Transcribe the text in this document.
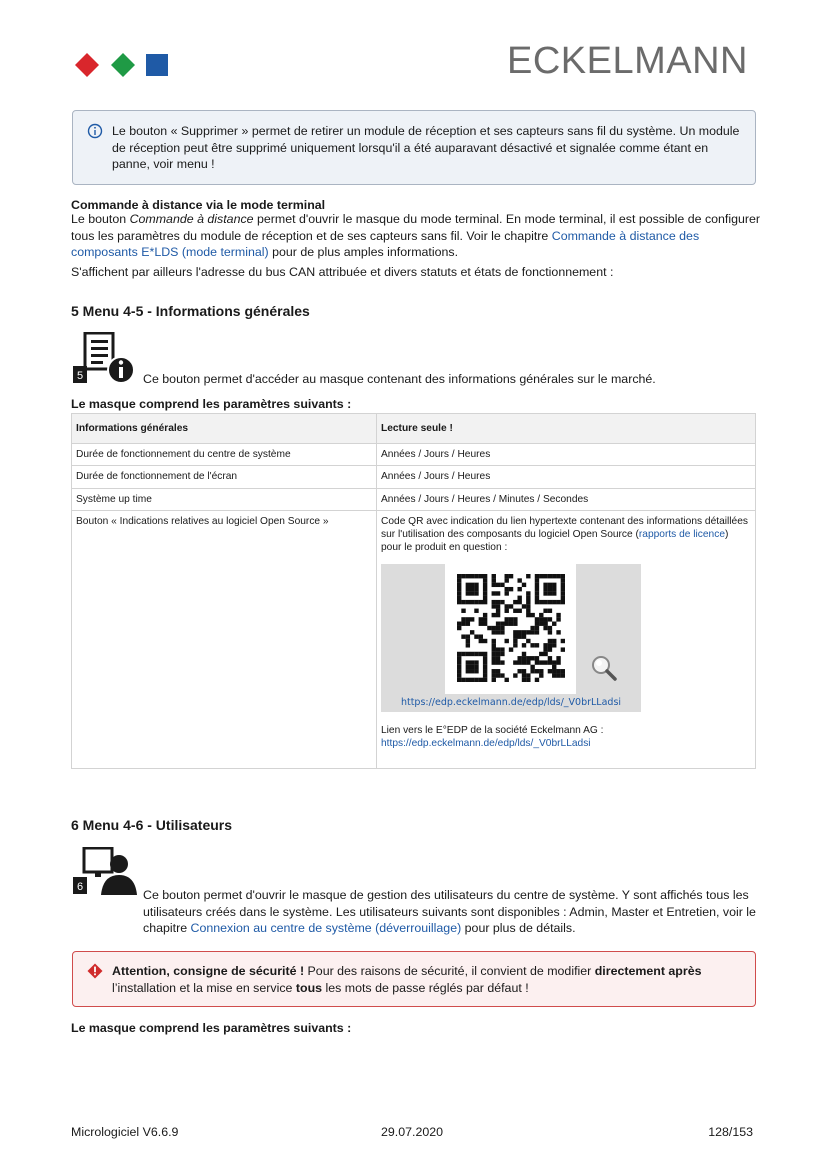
ECKELMANN
Le bouton « Supprimer » permet de retirer un module de réception et ses capteurs sans fil du système. Un module de réception peut être supprimé uniquement lorsqu'il a été auparavant désactivé et signalée comme étant en panne, voir menu !
Commande à distance via le mode terminal
Le bouton Commande à distance permet d'ouvrir le masque du mode terminal. En mode terminal, il est possible de configurer tous les paramètres du module de réception et de ses capteurs sans fil. Voir le chapitre Commande à distance des composants E*LDS (mode terminal) pour de plus amples informations.
S'affichent par ailleurs l'adresse du bus CAN attribuée et divers statuts et états de fonctionnement :
5 Menu 4-5 - Informations générales
5	Ce bouton permet d'accéder au masque contenant des informations générales sur le marché.
Le masque comprend les paramètres suivants :
Informations générales	Lecture seule !
Durée de fonctionnement du centre de système	Années / Jours / Heures
Durée de fonctionnement de l'écran	Années / Jours / Heures
Système up time	Années / Jours / Heures / Minutes / Secondes
Bouton « Indications relatives au logiciel Open Source »	Code QR avec indication du lien hypertexte contenant des informations détaillées sur l'utilisation des composants du logiciel Open Source (rapports de licence) pour le produit en question :
https://edp.eckelmann.de/edp/lds/_V0brLLadsi
Lien vers le E°EDP de la société Eckelmann AG : https://edp.eckelmann.de/edp/lds/_V0brLLadsi
6 Menu 4-6 - Utilisateurs
6
Ce bouton permet d'ouvrir le masque de gestion des utilisateurs du centre de système. Y sont affichés tous les utilisateurs créés dans le système. Les utilisateurs suivants sont disponibles : Admin, Master et Entretien, voir le chapitre Connexion au centre de système (déverrouillage) pour plus de détails.
Attention, consigne de sécurité ! Pour des raisons de sécurité, il convient de modifier directement après l’installation et la mise en service tous les mots de passe réglés par défaut !
Le masque comprend les paramètres suivants :
Micrologiciel V6.6.9	29.07.2020	128/153
